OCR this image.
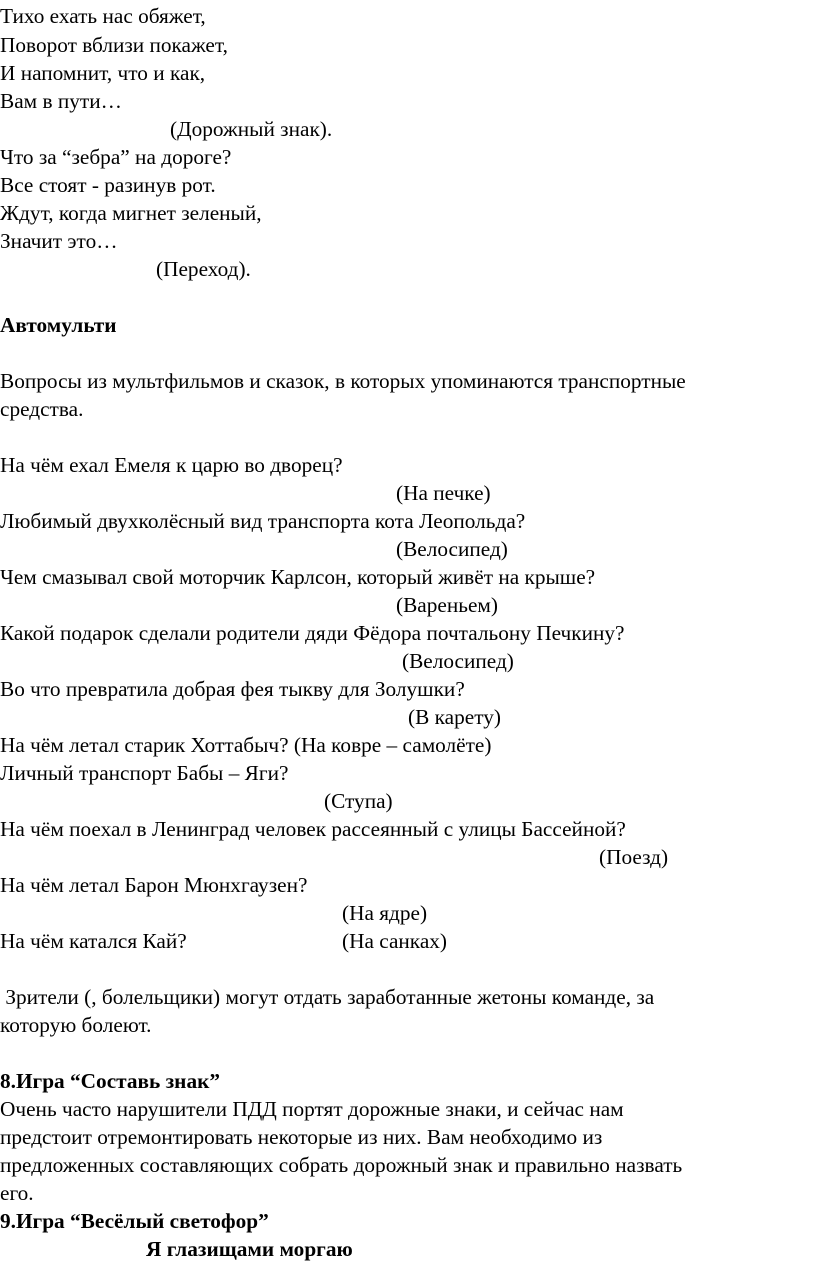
Тихо ехать нас обяжет,

Поворот вблизи покажет,

И напомнит, что и как,

Вам в пути…

(Дорожный знак).

Что за “зебра” на дороге?

Все стоят - разинув рот.

Ждут, когда мигнет зеленый,

Значит это…

(Переход).

Автомульти

Вопросы из мультфильмов и сказок, в которых упоминаются транспортные

средства.

На чём ехал Емеля к царю во дворец?

(На печке)

Любимый двухколёсный вид транспорта кота Леопольда?

(Велосипед)

Чем смазывал свой моторчик Карлсон, который живёт на крыше?

(Вареньем)

Какой подарок сделали родители дяди Фёдора почтальону Печкину?

(Велосипед)

Во что превратила добрая фея тыкву для Золушки?

(В карету)

На чём летал старик Хоттабыч? (На ковре – самолёте)

Личный транспорт Бабы – Яги?

(Ступа)

На чём поехал в Ленинград человек рассеянный с улицы Бассейной?

(Поезд)

На чём летал Барон Мюнхгаузен?

(На ядре)

На чём катался Кай?	(На санках)

Зрители (, болельщики) могут отдать заработанные жетоны команде, за

которую болеют.

8.Игра “Составь знак”

Очень часто нарушители ПДД портят дорожные знаки, и сейчас нам

предстоит отремонтировать некоторые из них. Вам необходимо из

предложенных составляющих собрать дорожный знак и правильно назвать

его.

9.Игра “Весёлый светофор”

Я глазищами моргаю
